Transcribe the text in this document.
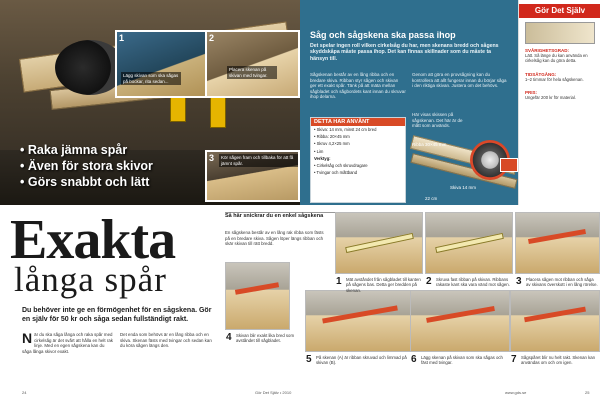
1
Lägg skivan som ska sågas på bockar, rita sedan...
2
Placera skenan på skivan med tvingar.
3	Kör sågen fram och tillbaka för att få jämnt spår.
• Raka jämna spår
• Även för stora skivor
• Görs snabbt och lätt
Såg och sågskena ska passa ihop
Det spelar ingen roll vilken cirkelsåg du har, men skenans bredd och sågens skyddskåpa måste passa ihop. Det kan finnas skillnader som du måste ta hänsyn till.
Sågskenan består av en lång ribba och en bredare skiva. Ribban styr sågen och skivan ger ett exakt spår. Tänk på att mäta mellan sågbladet och sågbordets kant innan du skruvar ihop delarna.
Genom att göra en provsågning kan du kontrollera att allt fungerar innan du börjar såga i den riktiga skivan. Justera om det behövs.
Här visas skissen på sågskenan. Det här är de mått som används.
DETTA HAR ANVÄNT
• Skiva: 14 mm, minst 24 cm bred
• Ribba: 20×45 mm
• Skruv 4,2×25 mm
• Lim
Verktyg:
• Cirkelsåg och skruvdragare
• Tvingar och måttband
Ribba 30×45 mm
Skiva 14 mm
22 cm
Gör Det Själv
SVÅRIGHETSGRAD:
Lätt. Så länge du kan använda en cirkelsåg kan du göra detta.
TIDSÅTGÅNG:
1–2 timmar för hela sågskenan.
PRIS:
Ungefär 200 kr för material.
Exakta
långa spår
Du behöver inte ge en förmögenhet för en sågskena. Gör en själv för 50 kr och såga sedan fullständigt rakt.
När du ska såga långa och raka spår med cirkelsåg är det svårt att hålla en helt rak linje. Med en egen sågskena kan du såga långa skivor exakt.
Det enda som behövs är en lång ribba och en skiva. Skenan fästs med tvingar och sedan kan du köra sågen längs den.
Så här snickrar du en enkel sågskena
En sågskena består av en lång rak ribba som fästs på en bredare skiva. Sågen löper längs ribban och skär skivan till rätt bredd.
1 Mät avståndet från sågbladet till kanten på sågens bas. Detta ger bredden på skenan.
2 Skruva fast ribban på skivan. Ribbans rakaste kant ska vara vänd mot sågen. 3 Placera sågen mot ribban och såga av skivans överskott i en lång rörelse.
4 Skivan blir exakt lika bred som avståndet till sågbladet.
5 På skenan (A) är ribban skruvad och limmad på skivan (B).	6 Lägg skenan på skivan som ska sågas och fäst med tvingar.	7 Sågspåret blir nu helt rakt. Skenan kan användas om och om igen.
24	Gör Det Själv • 2010	www.gds.se	25
